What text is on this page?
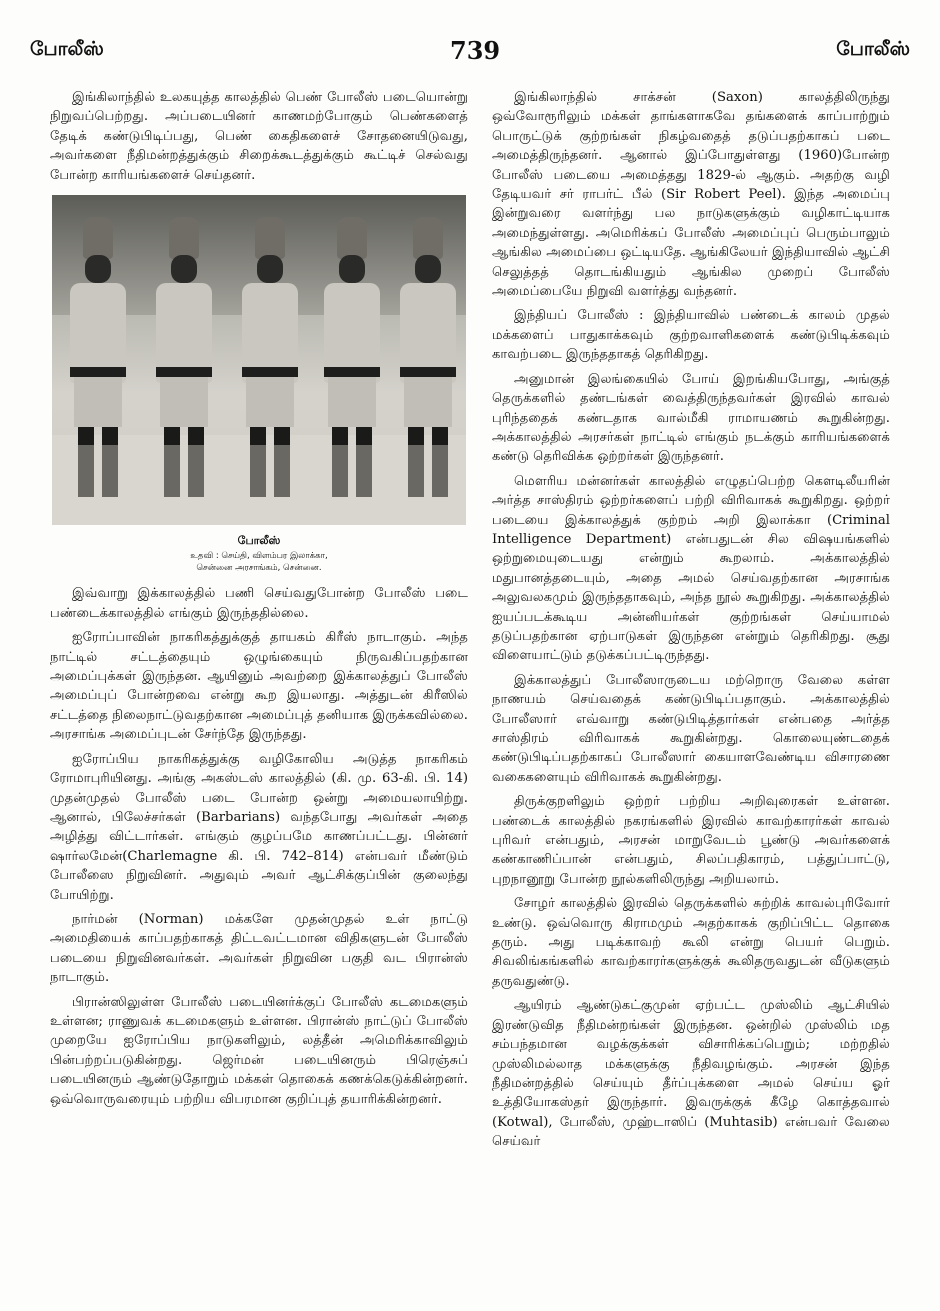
போலீஸ்	739	போலீஸ்

இங்கிலாந்தில் உலகயுத்த காலத்தில் பெண் போலீஸ் படையொன்று நிறுவப்பெற்றது. அப்படையினர் காணமற்போகும் பெண்களைத் தேடிக் கண்டுபிடிப்பது, பெண் கைதிகளைச் சோதனையிடுவது, அவர்களை நீதிமன்றத்துக்கும் சிறைக்கூடத்துக்கும் கூட்டிச் செல்வது போன்ற காரியங்களைச் செய்தனர்.

போலீஸ்
உதவி : செய்தி, விளம்பர இலாக்கா,
சென்னை அரசாங்கம், சென்னை.

இவ்வாறு இக்காலத்தில் பணி செய்வதுபோன்ற போலீஸ் படை பண்டைக்காலத்தில் எங்கும் இருந்ததில்லை.

ஐரோப்பாவின் நாகரிகத்துக்குத் தாயகம் கிரீஸ் நாடாகும். அந்த நாட்டில் சட்டத்தையும் ஒழுங்கையும் நிருவகிப்பதற்கான அமைப்புக்கள் இருந்தன. ஆயினும் அவற்றை இக்காலத்துப் போலீஸ் அமைப்புப் போன்றவை என்று கூற இயலாது. அத்துடன் கிரீஸில் சட்டத்தை நிலைநாட்டுவதற்கான அமைப்புத் தனியாக இருக்கவில்லை. அரசாங்க அமைப்புடன் சேர்ந்தே இருந்தது.

ஐரோப்பிய நாகரிகத்துக்கு வழிகோலிய அடுத்த நாகரிகம் ரோமாபுரியினது. அங்கு அகஸ்டஸ் காலத்தில் (கி. மு. 63-கி. பி. 14) முதன்முதல் போலீஸ் படை போன்ற ஒன்று அமையலாயிற்று. ஆனால், பிலேச்சர்கள் (Barbarians) வந்தபோது அவர்கள் அதை அழித்து விட்டார்கள். எங்கும் குழப்பமே காணப்பட்டது. பின்னர் ஷார்லமேன்(Charlemagne கி. பி. 742–814) என்பவர் மீண்டும் போலீஸை நிறுவினர். அதுவும் அவர் ஆட்சிக்குப்பின் குலைந்து போயிற்று.

நார்மன் (Norman) மக்களே முதன்முதல் உள் நாட்டு அமைதியைக் காப்பதற்காகத் திட்டவட்டமான விதிகளுடன் போலீஸ் படையை நிறுவினவர்கள். அவர்கள் நிறுவின பகுதி வட பிரான்ஸ் நாடாகும்.

பிரான்ஸிலுள்ள போலீஸ் படையினர்க்குப் போலீஸ் கடமைகளும் உள்ளன; ராணுவக் கடமைகளும் உள்ளன. பிரான்ஸ் நாட்டுப் போலீஸ் முறையே ஐரோப்பிய நாடுகளிலும், லத்தீன் அமெரிக்காவிலும் பின்பற்றப்படுகின்றது. ஜெர்மன் படையினரும் பிரெஞ்சுப் படையினரும் ஆண்டுதோறும் மக்கள் தொகைக் கணக்கெடுக்கின்றனர். ஒவ்வொருவரையும் பற்றிய விபரமான குறிப்புத் தயாரிக்கின்றனர்.

இங்கிலாந்தில் சாக்சன் (Saxon) காலத்திலிருந்து ஒவ்வோரூரிலும் மக்கள் தாங்களாகவே தங்களைக் காப்பாற்றும் பொருட்டுக் குற்றங்கள் நிகழ்வதைத் தடுப்பதற்காகப் படை அமைத்திருந்தனர். ஆனால் இப்போதுள்ளது (1960)போன்ற போலீஸ் படையை அமைத்தது 1829-ல் ஆகும். அதற்கு வழி தேடியவர் சர் ராபர்ட் பீல் (Sir Robert Peel). இந்த அமைப்பு இன்றுவரை வளர்ந்து பல நாடுகளுக்கும் வழிகாட்டியாக அமைந்துள்ளது. அமெரிக்கப் போலீஸ் அமைப்புப் பெரும்பாலும் ஆங்கில அமைப்பை ஒட்டியதே. ஆங்கிலேயர் இந்தியாவில் ஆட்சி செலுத்தத் தொடங்கியதும் ஆங்கில முறைப் போலீஸ் அமைப்பையே நிறுவி வளர்த்து வந்தனர்.

இந்தியப் போலீஸ் : இந்தியாவில் பண்டைக் காலம் முதல் மக்களைப் பாதுகாக்கவும் குற்றவாளிகளைக் கண்டுபிடிக்கவும் காவற்படை இருந்ததாகத் தெரிகிறது.

அனுமான் இலங்கையில் போய் இறங்கியபோது, அங்குத் தெருக்களில் தண்டங்கள் வைத்திருந்தவர்கள் இரவில் காவல் புரிந்ததைக் கண்டதாக வால்மீகி ராமாயணம் கூறுகின்றது. அக்காலத்தில் அரசர்கள் நாட்டில் எங்கும் நடக்கும் காரியங்களைக் கண்டு தெரிவிக்க ஒற்றர்கள் இருந்தனர்.

மௌரிய மன்னர்கள் காலத்தில் எழுதப்பெற்ற கௌடிலீயரின் அர்த்த சாஸ்திரம் ஒற்றர்களைப் பற்றி விரிவாகக் கூறுகிறது. ஒற்றர் படையை இக்காலத்துக் குற்றம் அறி இலாக்கா (Criminal Intelligence Department) என்பதுடன் சில விஷயங்களில் ஒற்றுமையுடையது என்றும் கூறலாம். அக்காலத்தில் மதுபானத்தடையும், அதை அமல் செய்வதற்கான அரசாங்க அலுவலகமும் இருந்ததாகவும், அந்த நூல் கூறுகிறது. அக்காலத்தில் ஐயப்படக்கூடிய அன்னியர்கள் குற்றங்கள் செய்யாமல் தடுப்பதற்கான ஏற்பாடுகள் இருந்தன என்றும் தெரிகிறது. சூது விளையாட்டும் தடுக்கப்பட்டிருந்தது.

இக்காலத்துப் போலீஸாருடைய மற்றொரு வேலை கள்ள நாணயம் செய்வதைக் கண்டுபிடிப்பதாகும். அக்காலத்தில் போலீஸார் எவ்வாறு கண்டுபிடித்தார்கள் என்பதை அர்த்த சாஸ்திரம் விரிவாகக் கூறுகின்றது. கொலையுண்டதைக் கண்டுபிடிப்பதற்காகப் போலீஸார் கையாளவேண்டிய விசாரணை வகைகளையும் விரிவாகக் கூறுகின்றது.

திருக்குறளிலும் ஒற்றர் பற்றிய அறிவுரைகள் உள்ளன. பண்டைக் காலத்தில் நகரங்களில் இரவில் காவற்காரர்கள் காவல் புரிவர் என்பதும், அரசன் மாறுவேடம் பூண்டு அவர்களைக் கண்காணிப்பான் என்பதும், சிலப்பதிகாரம், பத்துப்பாட்டு, புறநானூறு போன்ற நூல்களிலிருந்து அறியலாம்.

சோழர் காலத்தில் இரவில் தெருக்களில் சுற்றிக் காவல்புரிவோர் உண்டு. ஒவ்வொரு கிராமமும் அதற்காகக் குறிப்பிட்ட தொகை தரும். அது படிக்காவற் கூலி என்று பெயர் பெறும். சிவலிங்கங்களில் காவற்காரர்களுக்குக் கூலிதருவதுடன் வீடுகளும் தருவதுண்டு.

ஆயிரம் ஆண்டுகட்குமுன் ஏற்பட்ட முஸ்லிம் ஆட்சியில் இரண்டுவித நீதிமன்றங்கள் இருந்தன. ஒன்றில் முஸ்லிம் மத சம்பந்தமான வழக்குக்கள் விசாரிக்கப்பெறும்; மற்றதில் முஸ்லிமல்லாத மக்களுக்கு நீதிவழங்கும். அரசன் இந்த நீதிமன்றத்தில் செய்யும் தீர்ப்புக்களை அமல் செய்ய ஓர் உத்தியோகஸ்தர் இருந்தார். இவருக்குக் கீழே கொத்தவால் (Kotwal), போலீஸ், முஹ்டாஸிப் (Muhtasib) என்பவர் வேலை செய்வர்
